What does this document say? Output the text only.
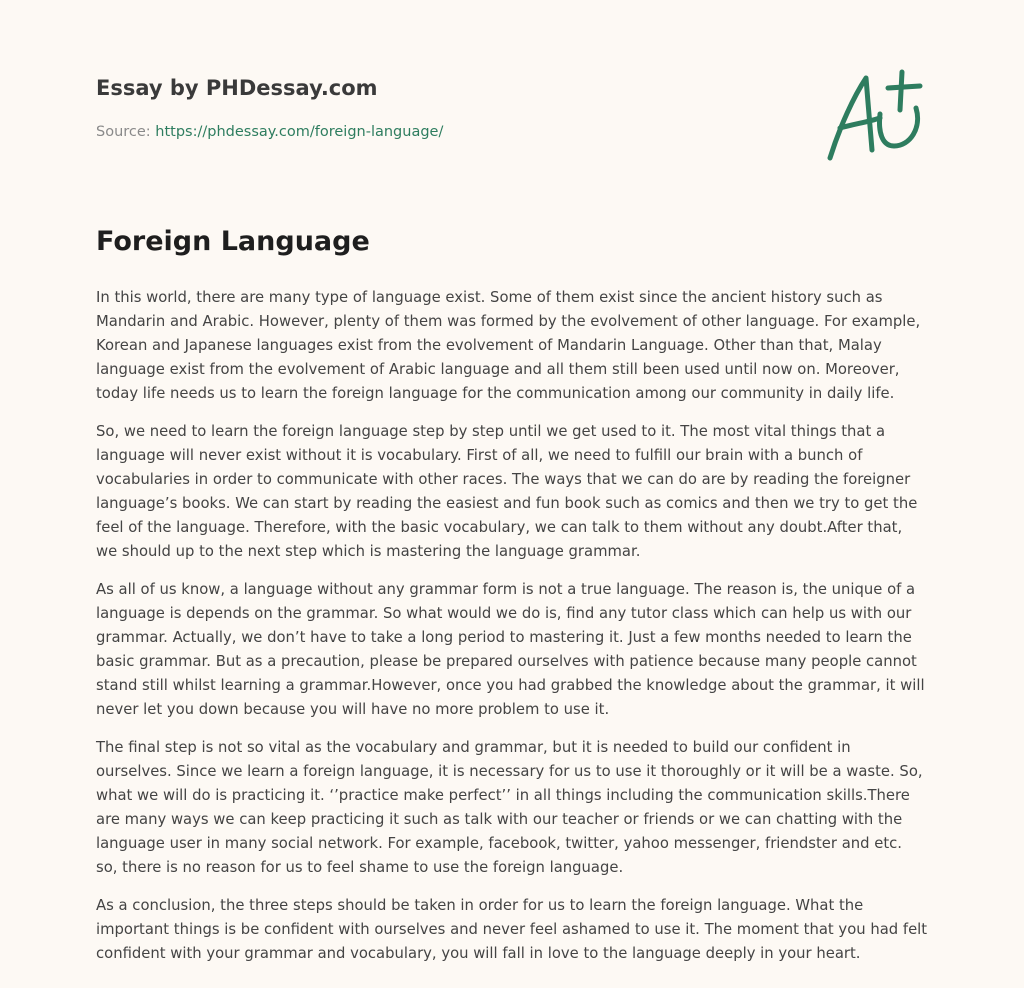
Essay by PHDessay.com
Source: https://phdessay.com/foreign-language/
Foreign Language

In this world, there are many type of language exist. Some of them exist since the ancient history such as Mandarin and Arabic. However, plenty of them was formed by the evolvement of other language. For example, Korean and Japanese languages exist from the evolvement of Mandarin Language. Other than that, Malay language exist from the evolvement of Arabic language and all them still been used until now on. Moreover, today life needs us to learn the foreign language for the communication among our community in daily life.

So, we need to learn the foreign language step by step until we get used to it. The most vital things that a language will never exist without it is vocabulary. First of all, we need to fulfill our brain with a bunch of vocabularies in order to communicate with other races. The ways that we can do are by reading the foreigner language’s books. We can start by reading the easiest and fun book such as comics and then we try to get the feel of the language. Therefore, with the basic vocabulary, we can talk to them without any doubt.After that, we should up to the next step which is mastering the language grammar.

As all of us know, a language without any grammar form is not a true language. The reason is, the unique of a language is depends on the grammar. So what would we do is, find any tutor class which can help us with our grammar. Actually, we don’t have to take a long period to mastering it. Just a few months needed to learn the basic grammar. But as a precaution, please be prepared ourselves with patience because many people cannot stand still whilst learning a grammar.However, once you had grabbed the knowledge about the grammar, it will never let you down because you will have no more problem to use it.

The final step is not so vital as the vocabulary and grammar, but it is needed to build our confident in ourselves. Since we learn a foreign language, it is necessary for us to use it thoroughly or it will be a waste. So, what we will do is practicing it. ‘’practice make perfect’’ in all things including the communication skills.There are many ways we can keep practicing it such as talk with our teacher or friends or we can chatting with the language user in many social network. For example, facebook, twitter, yahoo messenger, friendster and etc. so, there is no reason for us to feel shame to use the foreign language.

As a conclusion, the three steps should be taken in order for us to learn the foreign language. What the important things is be confident with ourselves and never feel ashamed to use it. The moment that you had felt confident with your grammar and vocabulary, you will fall in love to the language deeply in your heart.
